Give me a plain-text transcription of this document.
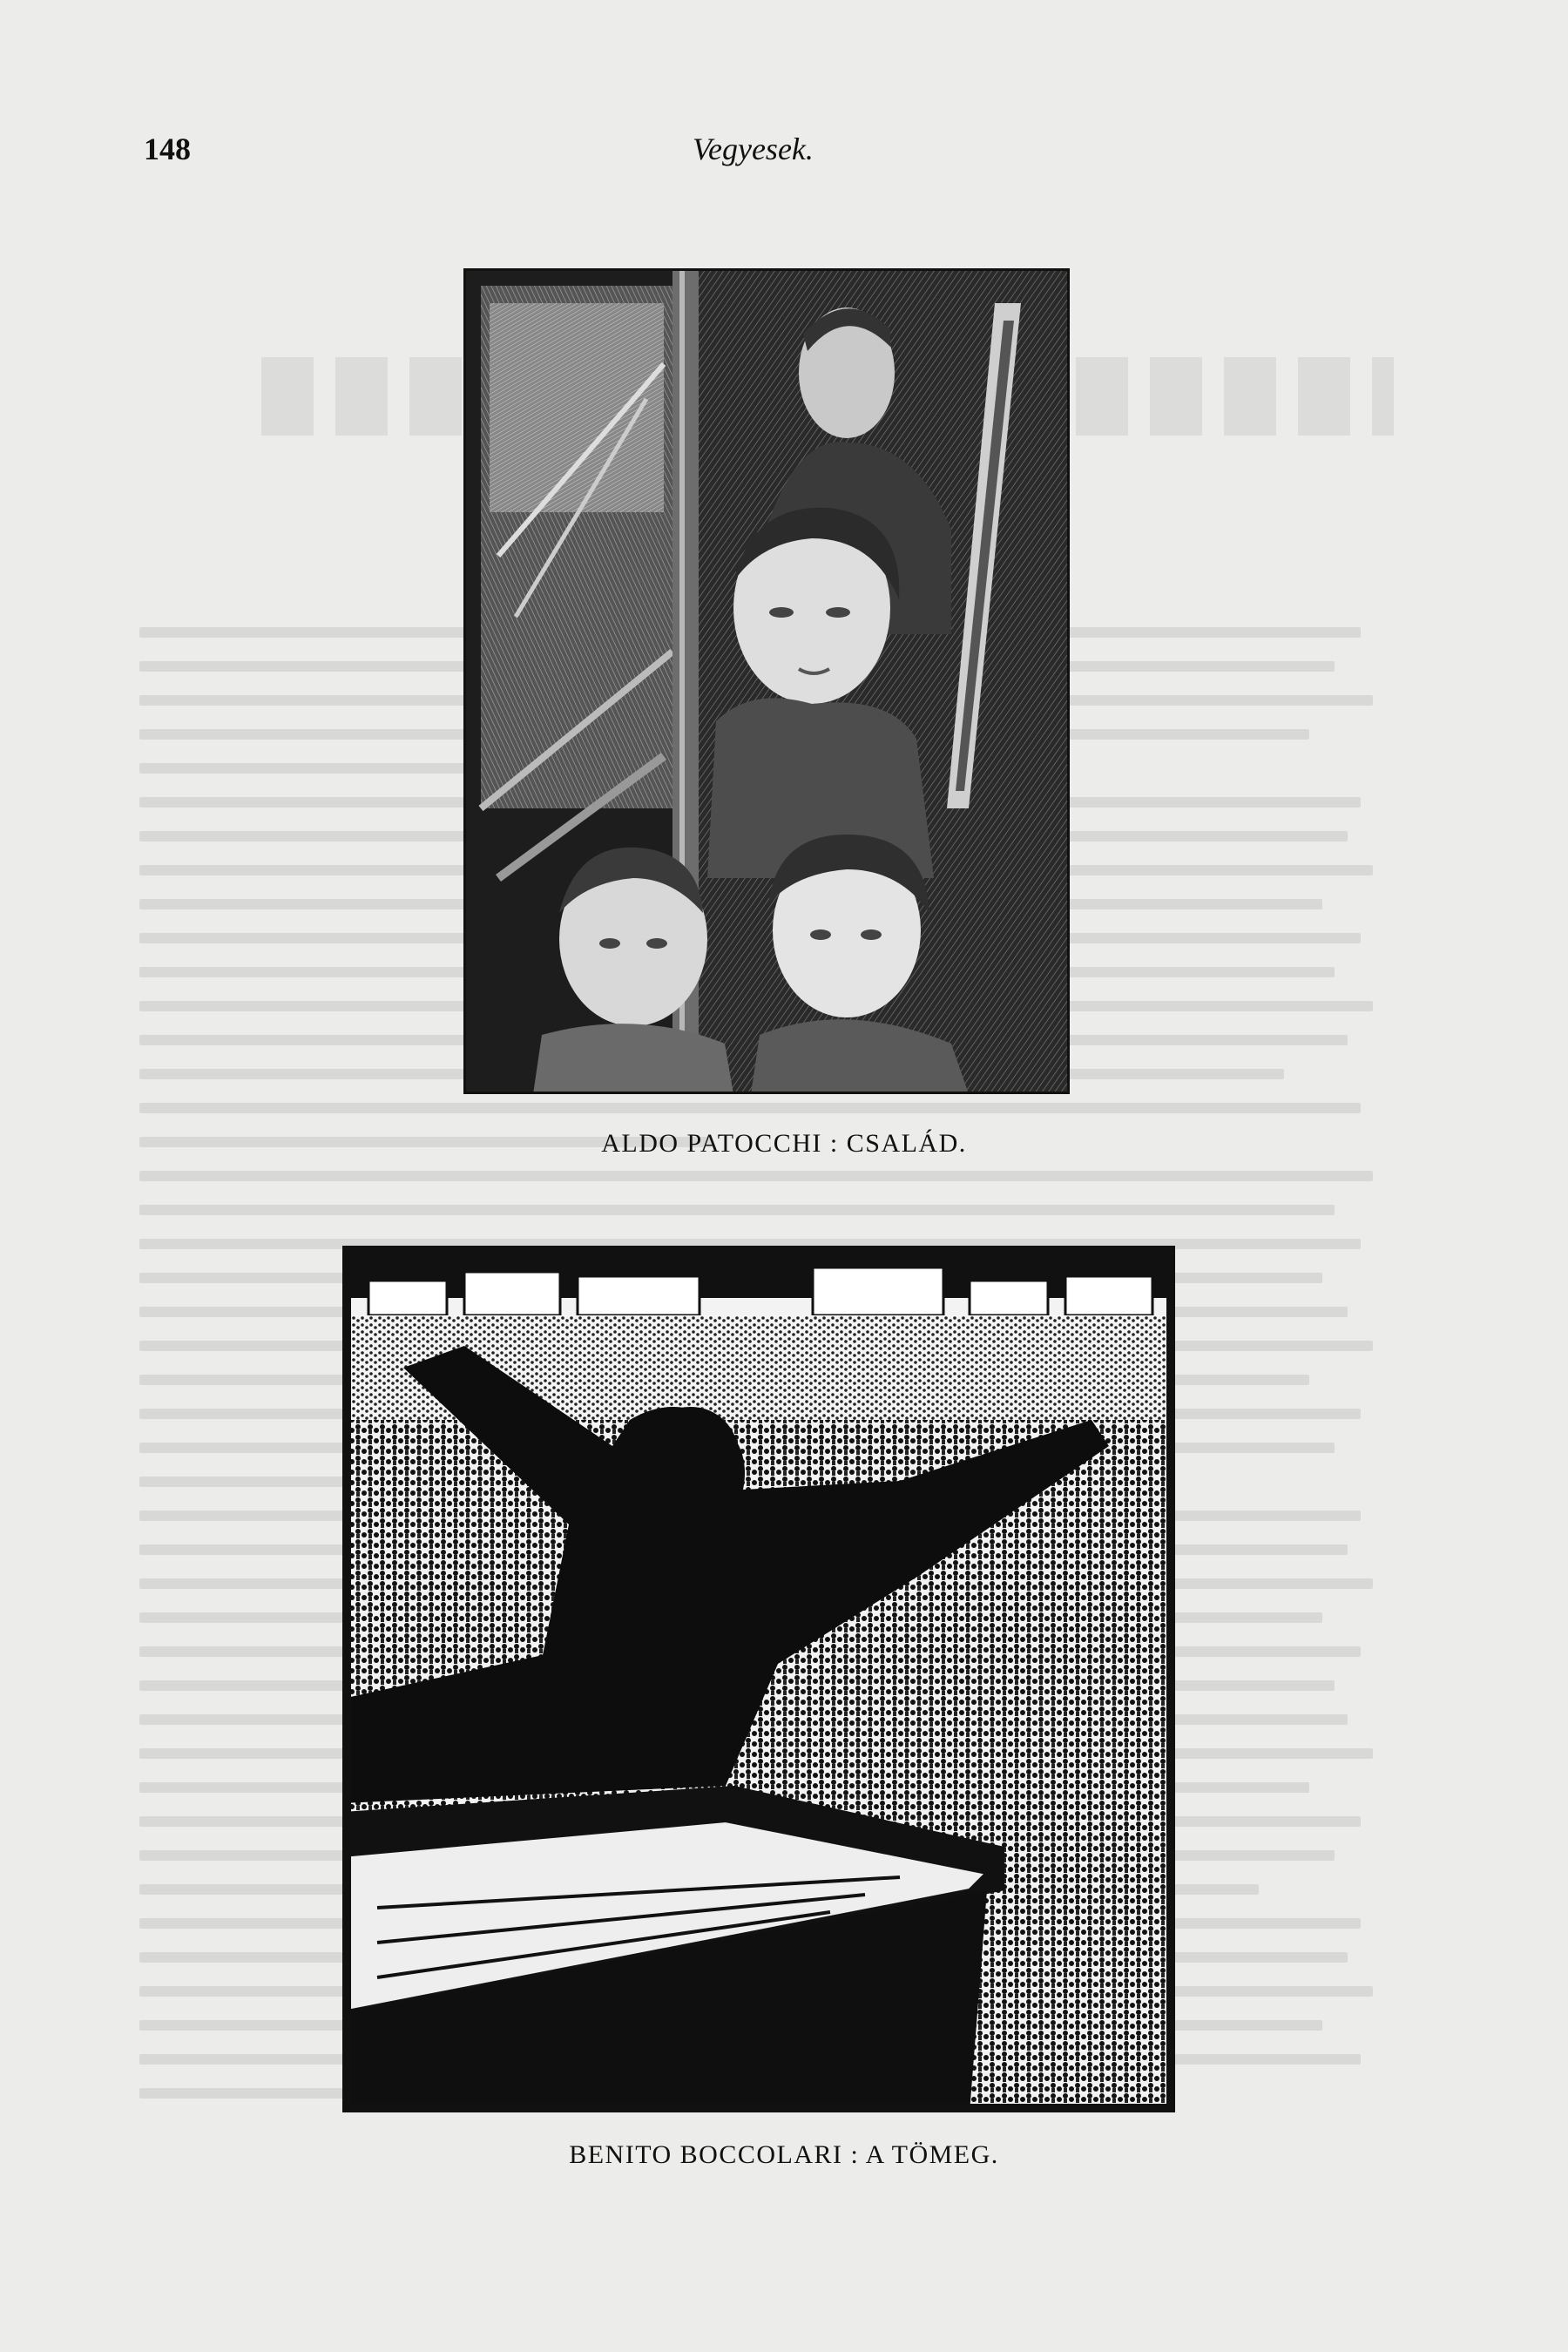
148	Vegyesek.
ALDO PATOCCHI : CSALÁD.
BENITO BOCCOLARI : A TÖMEG.
